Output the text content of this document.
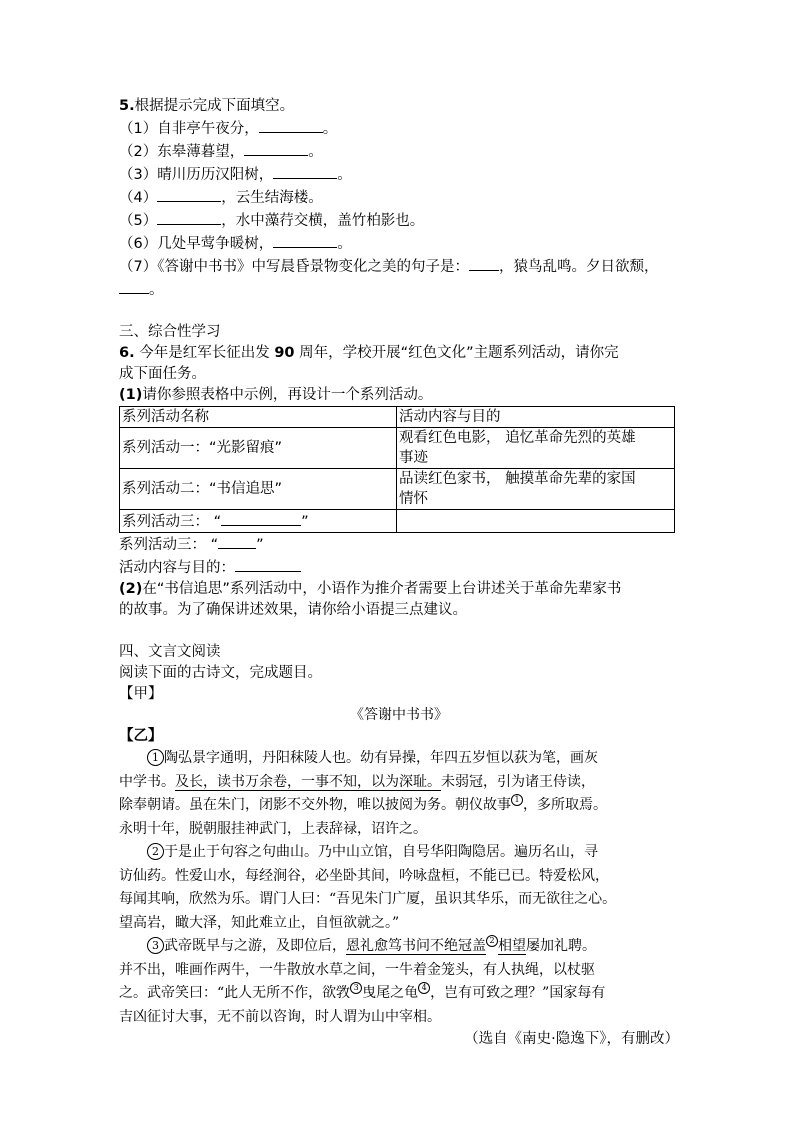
5.根据提示完成下面填空。
（1）自非亭午夜分，	。
（2）东皋薄暮望，	。
（3）晴川历历汉阳树，	。
（4）	，云生结海楼。
（5）	，水中藻荇交横，盖竹柏影也。
（6）几处早莺争暖树，	。
（7）《答谢中书书》中写晨昏景物变化之美的句子是： ，猿鸟乱鸣。夕日欲颓，
。
三、综合性学习
6. 今年是红军长征出发 90 周年，学校开展“红色文化”主题系列活动，请你完
成下面任务。
(1)请你参照表格中示例，再设计一个系列活动。
系列活动名称	活动内容与目的
系列活动一：“光影留痕”	观看红色电影， 追忆革命先烈的英雄
事迹
系列活动二：“书信追思”	品读红色家书， 触摸革命先辈的家国
情怀
系列活动三： “ ”	
系列活动三： “	”
活动内容与目的：
(2)在“书信追思”系列活动中，小语作为推介者需要上台讲述关于革命先辈家书
的故事。为了确保讲述效果，请你给小语提三点建议。
四、文言文阅读
阅读下面的古诗文，完成题目。
【甲】
《答谢中书书》
【乙】
1 陶弘景字通明，丹阳秣陵人也。幼有异操，年四五岁恒以荻为笔，画灰
中学书。及长，读书万余卷，一事不知，以为深耻。未弱冠，引为诸王侍读，
除奉朝请。虽在朱门，闭影不交外物，唯以披阅为务。朝仪故事 1 ，多所取焉。
永明十年，脱朝服挂神武门，上表辞禄，诏许之。
2 于是止于句容之句曲山。乃中山立馆，自号华阳陶隐居。遍历名山，寻
访仙药。性爱山水，每经涧谷，必坐卧其间，吟咏盘桓，不能已已。特爱松风，
每闻其响，欣然为乐。谓门人曰：“吾见朱门广厦，虽识其华乐，而无欲往之心。
望高岩，瞰大泽，知此难立止，自恒欲就之。”
3 武帝既早与之游，及即位后，恩礼愈笃书问不绝冠盖 2 相望屡加礼聘。
并不出，唯画作两牛，一牛散放水草之间，一牛着金笼头，有人执绳，以杖驱
之。武帝笑曰：“此人无所不作，欲敩 3 曳尾之龟 4 ，岂有可致之理？”国家每有
吉凶征讨大事，无不前以咨询，时人谓为山中宰相。
（选自《南史·隐逸下》，有删改）
